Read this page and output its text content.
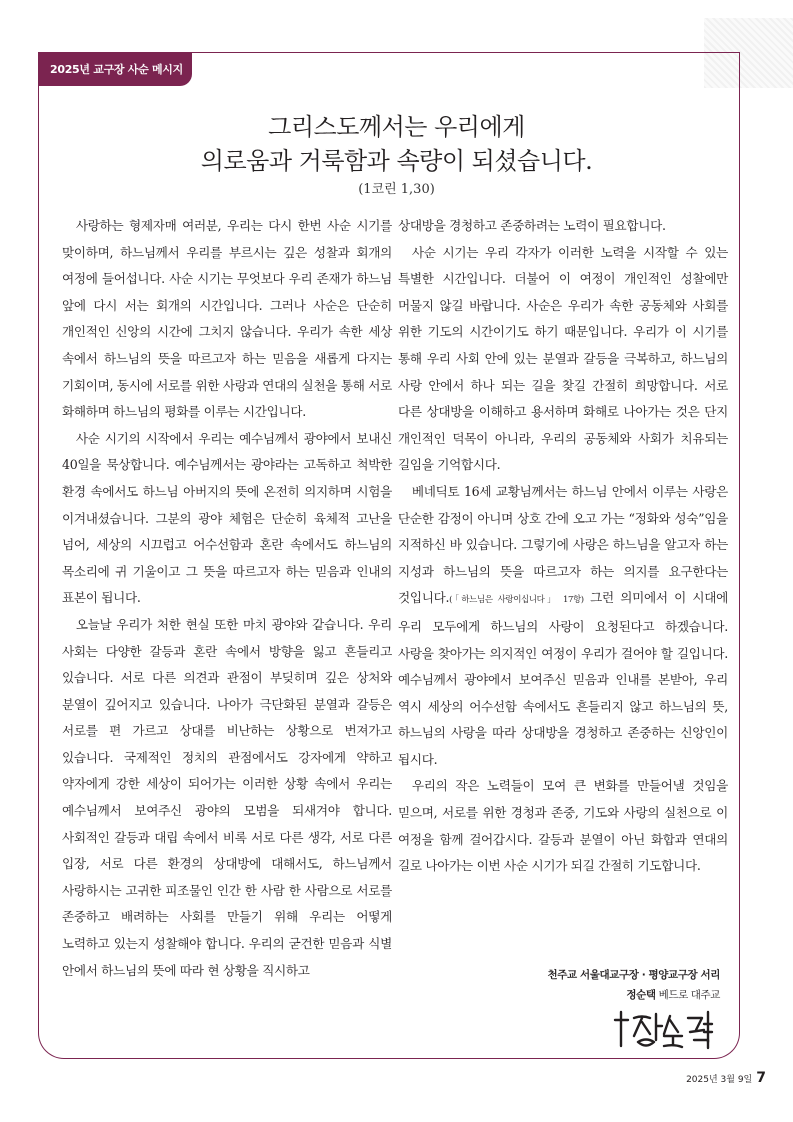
2025년 교구장 사순 메시지
그리스도께서는 우리에게
의로움과 거룩함과 속량이 되셨습니다.
(1코린 1,30)

사랑하는 형제자매 여러분, 우리는 다시 한번 사순 시기를 맞이하며, 하느님께서 우리를 부르시는 깊은 성찰과 회개의 여정에 들어섭니다. 사순 시기는 무엇보다 우리 존재가 하느님 앞에 다시 서는 회개의 시간입니다. 그러나 사순은 단순히 개인적인 신앙의 시간에 그치지 않습니다. 우리가 속한 세상 속에서 하느님의 뜻을 따르고자 하는 믿음을 새롭게 다지는 기회이며, 동시에 서로를 위한 사랑과 연대의 실천을 통해 서로 화해하며 하느님의 평화를 이루는 시간입니다.

사순 시기의 시작에서 우리는 예수님께서 광야에서 보내신 40일을 묵상합니다. 예수님께서는 광야라는 고독하고 척박한 환경 속에서도 하느님 아버지의 뜻에 온전히 의지하며 시험을 이겨내셨습니다. 그분의 광야 체험은 단순히 육체적 고난을 넘어, 세상의 시끄럽고 어수선함과 혼란 속에서도 하느님의 목소리에 귀 기울이고 그 뜻을 따르고자 하는 믿음과 인내의 표본이 됩니다.

오늘날 우리가 처한 현실 또한 마치 광야와 같습니다. 우리 사회는 다양한 갈등과 혼란 속에서 방향을 잃고 흔들리고 있습니다. 서로 다른 의견과 관점이 부딪히며 깊은 상처와 분열이 깊어지고 있습니다. 나아가 극단화된 분열과 갈등은 서로를 편 가르고 상대를 비난하는 상황으로 번져가고 있습니다. 국제적인 정치의 관점에서도 강자에게 약하고 약자에게 강한 세상이 되어가는 이러한 상황 속에서 우리는 예수님께서 보여주신 광야의 모범을 되새겨야 합니다. 사회적인 갈등과 대립 속에서 비록 서로 다른 생각, 서로 다른 입장, 서로 다른 환경의 상대방에 대해서도, 하느님께서 사랑하시는 고귀한 피조물인 인간 한 사람 한 사람으로 서로를 존중하고 배려하는 사회를 만들기 위해 우리는 어떻게 노력하고 있는지 성찰해야 합니다. 우리의 굳건한 믿음과 식별 안에서 하느님의 뜻에 따라 현 상황을 직시하고

상대방을 경청하고 존중하려는 노력이 필요합니다.

사순 시기는 우리 각자가 이러한 노력을 시작할 수 있는 특별한 시간입니다. 더불어 이 여정이 개인적인 성찰에만 머물지 않길 바랍니다. 사순은 우리가 속한 공동체와 사회를 위한 기도의 시간이기도 하기 때문입니다. 우리가 이 시기를 통해 우리 사회 안에 있는 분열과 갈등을 극복하고, 하느님의 사랑 안에서 하나 되는 길을 찾길 간절히 희망합니다. 서로 다른 상대방을 이해하고 용서하며 화해로 나아가는 것은 단지 개인적인 덕목이 아니라, 우리의 공동체와 사회가 치유되는 길임을 기억합시다.

베네딕토 16세 교황님께서는 하느님 안에서 이루는 사랑은 단순한 감정이 아니며 상호 간에 오고 가는 “정화와 성숙”임을 지적하신 바 있습니다. 그렇기에 사랑은 하느님을 알고자 하는 지성과 하느님의 뜻을 따르고자 하는 의지를 요구한다는 것입니다.(「하느님은 사랑이십니다」 17항) 그런 의미에서 이 시대에 우리 모두에게 하느님의 사랑이 요청된다고 하겠습니다. 사랑을 찾아가는 의지적인 여정이 우리가 걸어야 할 길입니다. 예수님께서 광야에서 보여주신 믿음과 인내를 본받아, 우리 역시 세상의 어수선함 속에서도 흔들리지 않고 하느님의 뜻, 하느님의 사랑을 따라 상대방을 경청하고 존중하는 신앙인이 됩시다.

우리의 작은 노력들이 모여 큰 변화를 만들어낼 것임을 믿으며, 서로를 위한 경청과 존중, 기도와 사랑의 실천으로 이 여정을 함께 걸어갑시다. 갈등과 분열이 아닌 화합과 연대의 길로 나아가는 이번 사순 시기가 되길 간절히 기도합니다.

천주교 서울대교구장 · 평양교구장 서리
정순택 베드로 대주교
2025년 3월 9일 7
